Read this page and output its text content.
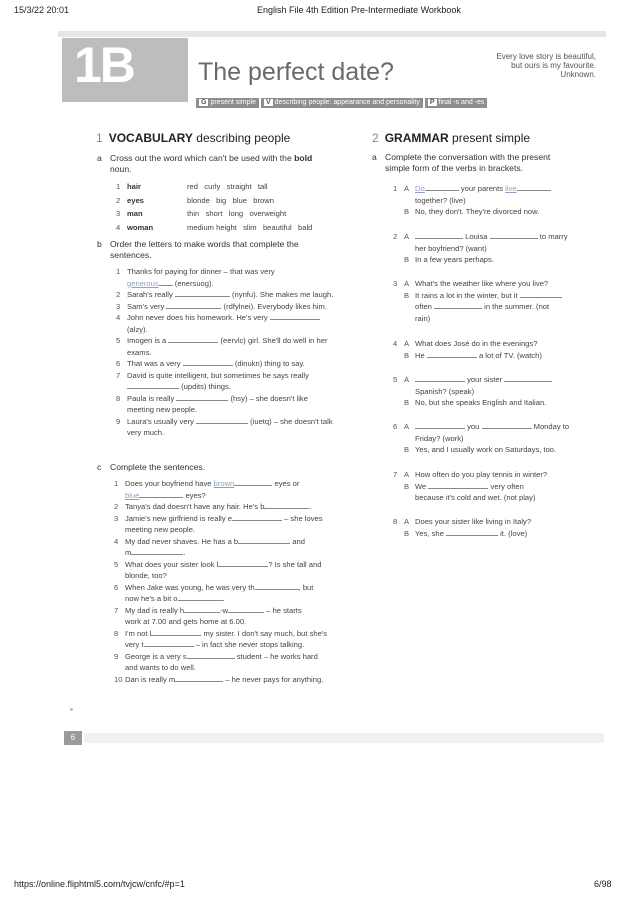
15/3/22 20:01	English File 4th Edition Pre-Intermediate Workbook
https://online.fliphtml5.com/tvjcw/cnfc/#p=1	6/98
1B	The perfect date?
Every love story is beautiful,
but ours is my favourite.
Unknown.
G present simple V describing people: appearance and personality P final -s and -es
1 VOCABULARY describing people
a Cross out the word which can't be used with the bold
noun.
1 hair	red   curly   straight   tall
2 eyes	blonde   big   blue   brown
3 man	thin   short   long   overweight
4 woman	medium height   slim   beautiful   bald
b Order the letters to make words that complete the
sentences.
1 Thanks for paying for dinner – that was very
generous (enersuog).
2 Sarah's really	(nynfu). She makes me laugh.
3 Sam's very	(rdfylnei). Everybody likes him.
4 John never does his homework. He's very
(alzy).
5 Imogen is a	(eervlc) girl. She'll do well in her
exams.
6 That was a very	(dinukn) thing to say.
7 David is quite intelligent, but sometimes he says really
(updits) things.
8 Paula is really	(hsy) – she doesn't like
meeting new people.
9 Laura's usually very	(iuetq) – she doesn't talk
very much.
c Complete the sentences.
1 Does your boyfriend have brown	eyes or
blue	eyes?
2 Tanya's dad doesn't have any hair. He's b	.
3 Jamie's new girlfriend is really e	– she loves
meeting new people.
4 My dad never shaves. He has a b	and
m	.
5 What does your sister look l	? Is she tall and
blonde, too?
6 When Jake was young, he was very th	, but
now he's a bit o	.
7 My dad is really h	-w	– he starts
work at 7.00 and gets home at 6.00.
8 I'm not l	my sister. I don't say much, but she's
very t	– in fact she never stops talking.
9 George is a very s	student – he works hard
and wants to do well.
10 Dan is really m	– he never pays for anything.
2 GRAMMAR present simple
a Complete the conversation with the present
simple form of the verbs in brackets.
1 A Do	your parents live
together? (live)
B No, they don't. They're divorced now.
2 A	Louisa	to marry
her boyfriend? (want)
B In a few years perhaps.
3 A What's the weather like where you live?
B It rains a lot in the winter, but it
often	in the summer. (not
rain)
4 A What does José do in the evenings?
B He	a lot of TV. (watch)
5 A	your sister
Spanish? (speak)
B No, but she speaks English and Italian.
6 A	you	Monday to
Friday? (work)
B Yes, and I usually work on Saturdays, too.
7 A How often do you play tennis in winter?
B We	very often
because it's cold and wet. (not play)
8 A Does your sister like living in Italy?
B Yes, she	it. (love)
6
